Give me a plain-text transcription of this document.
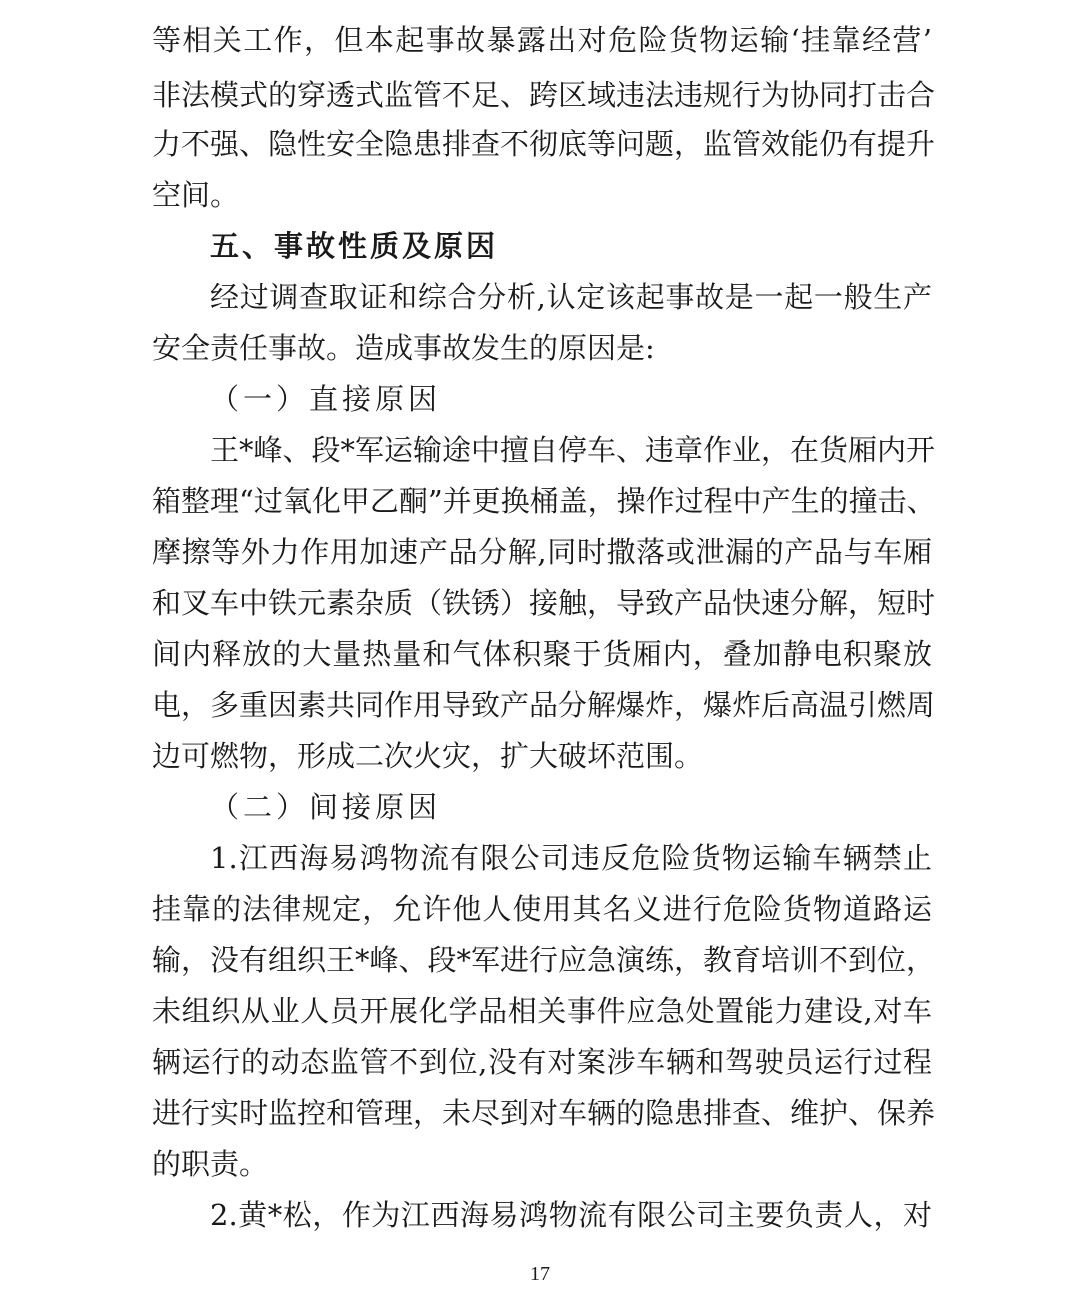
等相关工作，但本起事故暴露出对危险货物运输‘挂靠经营’
非法模式的穿透式监管不足、跨区域违法违规行为协同打击合
力不强、隐性安全隐患排查不彻底等问题，监管效能仍有提升
空间。
五、事故性质及原因
经过调查取证和综合分析,认定该起事故是一起一般生产
安全责任事故。造成事故发生的原因是:
（一）直接原因
王*峰、段*军运输途中擅自停车、违章作业，在货厢内开
箱整理“过氧化甲乙酮”并更换桶盖，操作过程中产生的撞击、
摩擦等外力作用加速产品分解,同时撒落或泄漏的产品与车厢
和叉车中铁元素杂质（铁锈）接触，导致产品快速分解，短时
间内释放的大量热量和气体积聚于货厢内，叠加静电积聚放
电，多重因素共同作用导致产品分解爆炸，爆炸后高温引燃周
边可燃物，形成二次火灾，扩大破坏范围。
（二）间接原因
1.江西海易鸿物流有限公司违反危险货物运输车辆禁止
挂靠的法律规定，允许他人使用其名义进行危险货物道路运
输，没有组织王*峰、段*军进行应急演练，教育培训不到位，
未组织从业人员开展化学品相关事件应急处置能力建设,对车
辆运行的动态监管不到位,没有对案涉车辆和驾驶员运行过程
进行实时监控和管理，未尽到对车辆的隐患排查、维护、保养
的职责。
2.黄*松，作为江西海易鸿物流有限公司主要负责人，对
17
